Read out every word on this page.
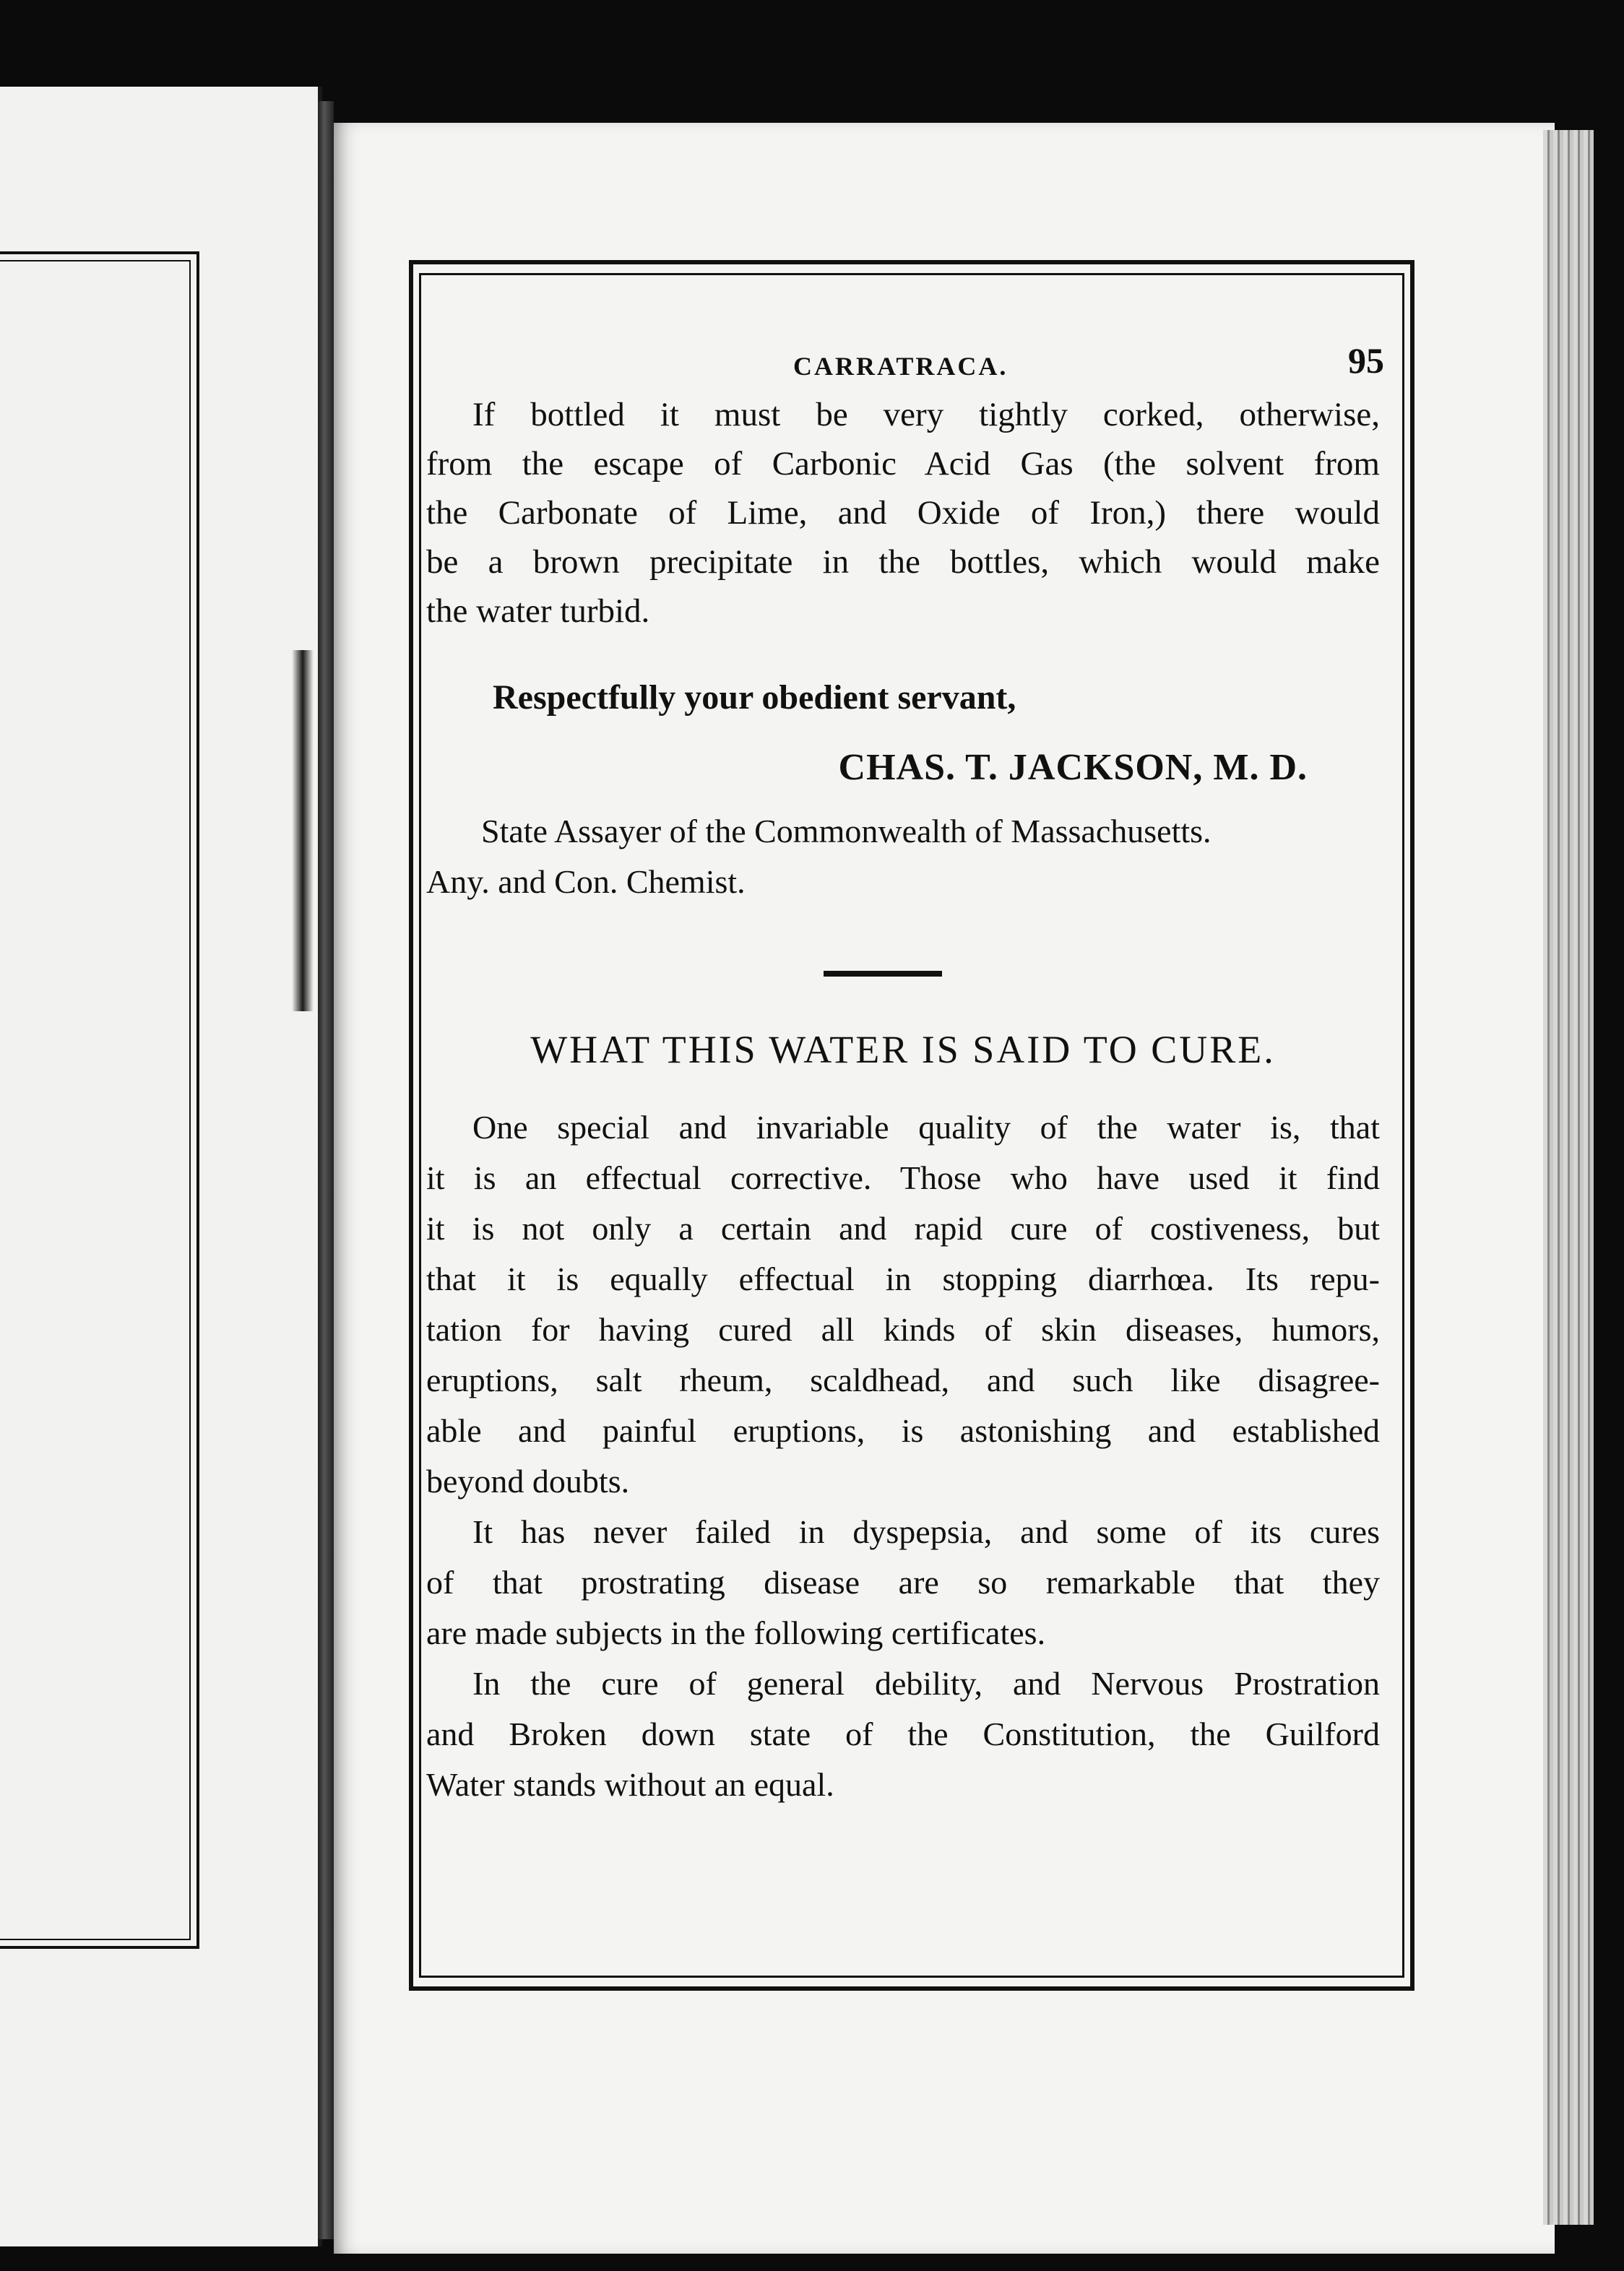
CARRATRACA.	95

If bottled it must be very tightly corked, otherwise,
from the escape of Carbonic Acid Gas (the solvent from
the Carbonate of Lime, and Oxide of Iron,) there would
be a brown precipitate in the bottles, which would make
the water turbid.

Respectfully your obedient servant,
CHAS. T. JACKSON, M. D.
State Assayer of the Commonwealth of Massachusetts.
Any. and Con. Chemist.
WHAT THIS WATER IS SAID TO CURE.

One special and invariable quality of the water is, that
it is an effectual corrective. Those who have used it find
it is not only a certain and rapid cure of costiveness, but
that it is equally effectual in stopping diarrhœa. Its repu-
tation for having cured all kinds of skin diseases, humors,
eruptions, salt rheum, scaldhead, and such like disagree-
able and painful eruptions, is astonishing and established
beyond doubts.

It has never failed in dyspepsia, and some of its cures
of that prostrating disease are so remarkable that they
are made subjects in the following certificates.

In the cure of general debility, and Nervous Prostration
and Broken down state of the Constitution, the Guilford
Water stands without an equal.
